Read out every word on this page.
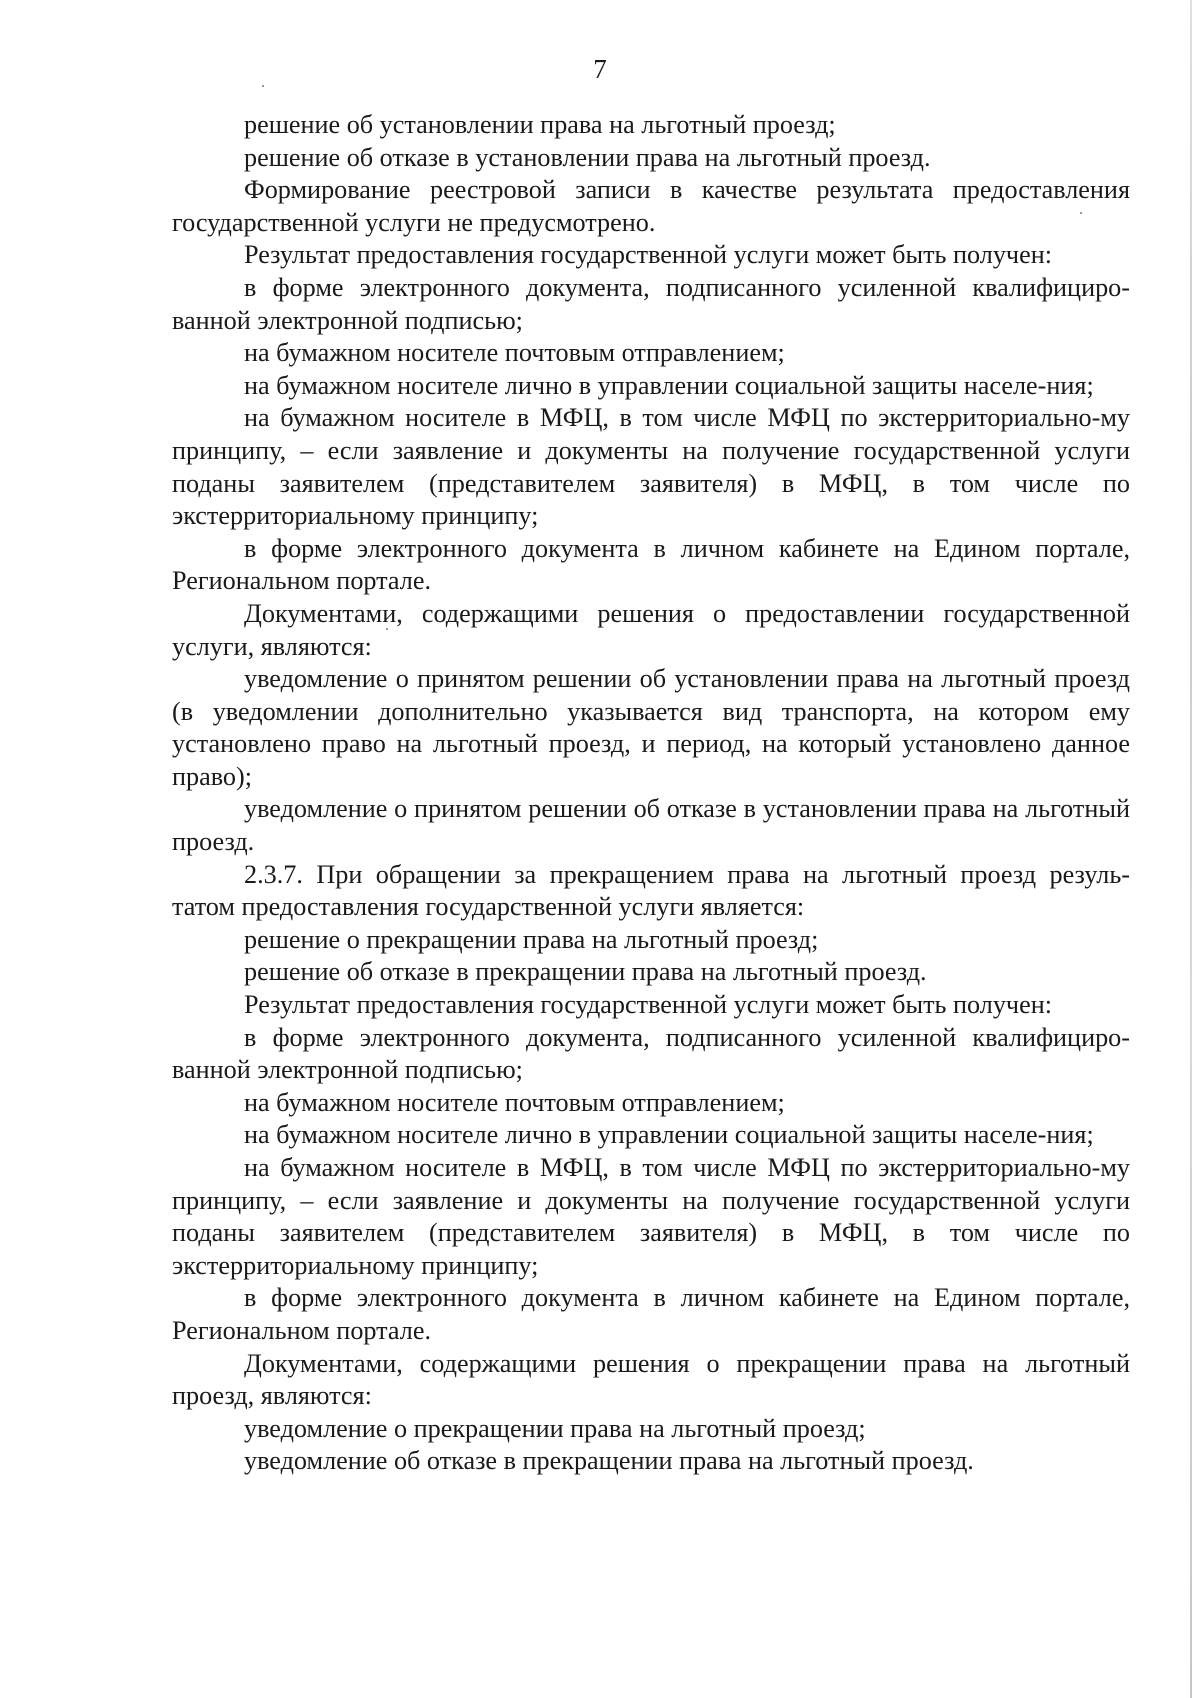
7

решение об установлении права на льготный проезд;

решение об отказе в установлении права на льготный проезд.

Формирование реестровой записи в качестве результата предоставления государственной услуги не предусмотрено.

Результат предоставления государственной услуги может быть получен:

в форме электронного документа, подписанного усиленной квалифициро-ванной электронной подписью;

на бумажном носителе почтовым отправлением;

на бумажном носителе лично в управлении социальной защиты населе-ния;

на бумажном носителе в МФЦ, в том числе МФЦ по экстерриториально-му принципу, – если заявление и документы на получение государственной услуги поданы заявителем (представителем заявителя) в МФЦ, в том числе по экстерриториальному принципу;

в форме электронного документа в личном кабинете на Едином портале, Региональном портале.

Документами, содержащими решения о предоставлении государственной услуги, являются:

уведомление о принятом решении об установлении права на льготный проезд (в уведомлении дополнительно указывается вид транспорта, на котором ему установлено право на льготный проезд, и период, на который установлено данное право);

уведомление о принятом решении об отказе в установлении права на льготный проезд.

2.3.7. При обращении за прекращением права на льготный проезд резуль-татом предоставления государственной услуги является:

решение о прекращении права на льготный проезд;

решение об отказе в прекращении права на льготный проезд.

Результат предоставления государственной услуги может быть получен:

в форме электронного документа, подписанного усиленной квалифициро-ванной электронной подписью;

на бумажном носителе почтовым отправлением;

на бумажном носителе лично в управлении социальной защиты населе-ния;

на бумажном носителе в МФЦ, в том числе МФЦ по экстерриториально-му принципу, – если заявление и документы на получение государственной услуги поданы заявителем (представителем заявителя) в МФЦ, в том числе по экстерриториальному принципу;

в форме электронного документа в личном кабинете на Едином портале, Региональном портале.

Документами, содержащими решения о прекращении права на льготный проезд, являются:

уведомление о прекращении права на льготный проезд;

уведомление об отказе в прекращении права на льготный проезд.
